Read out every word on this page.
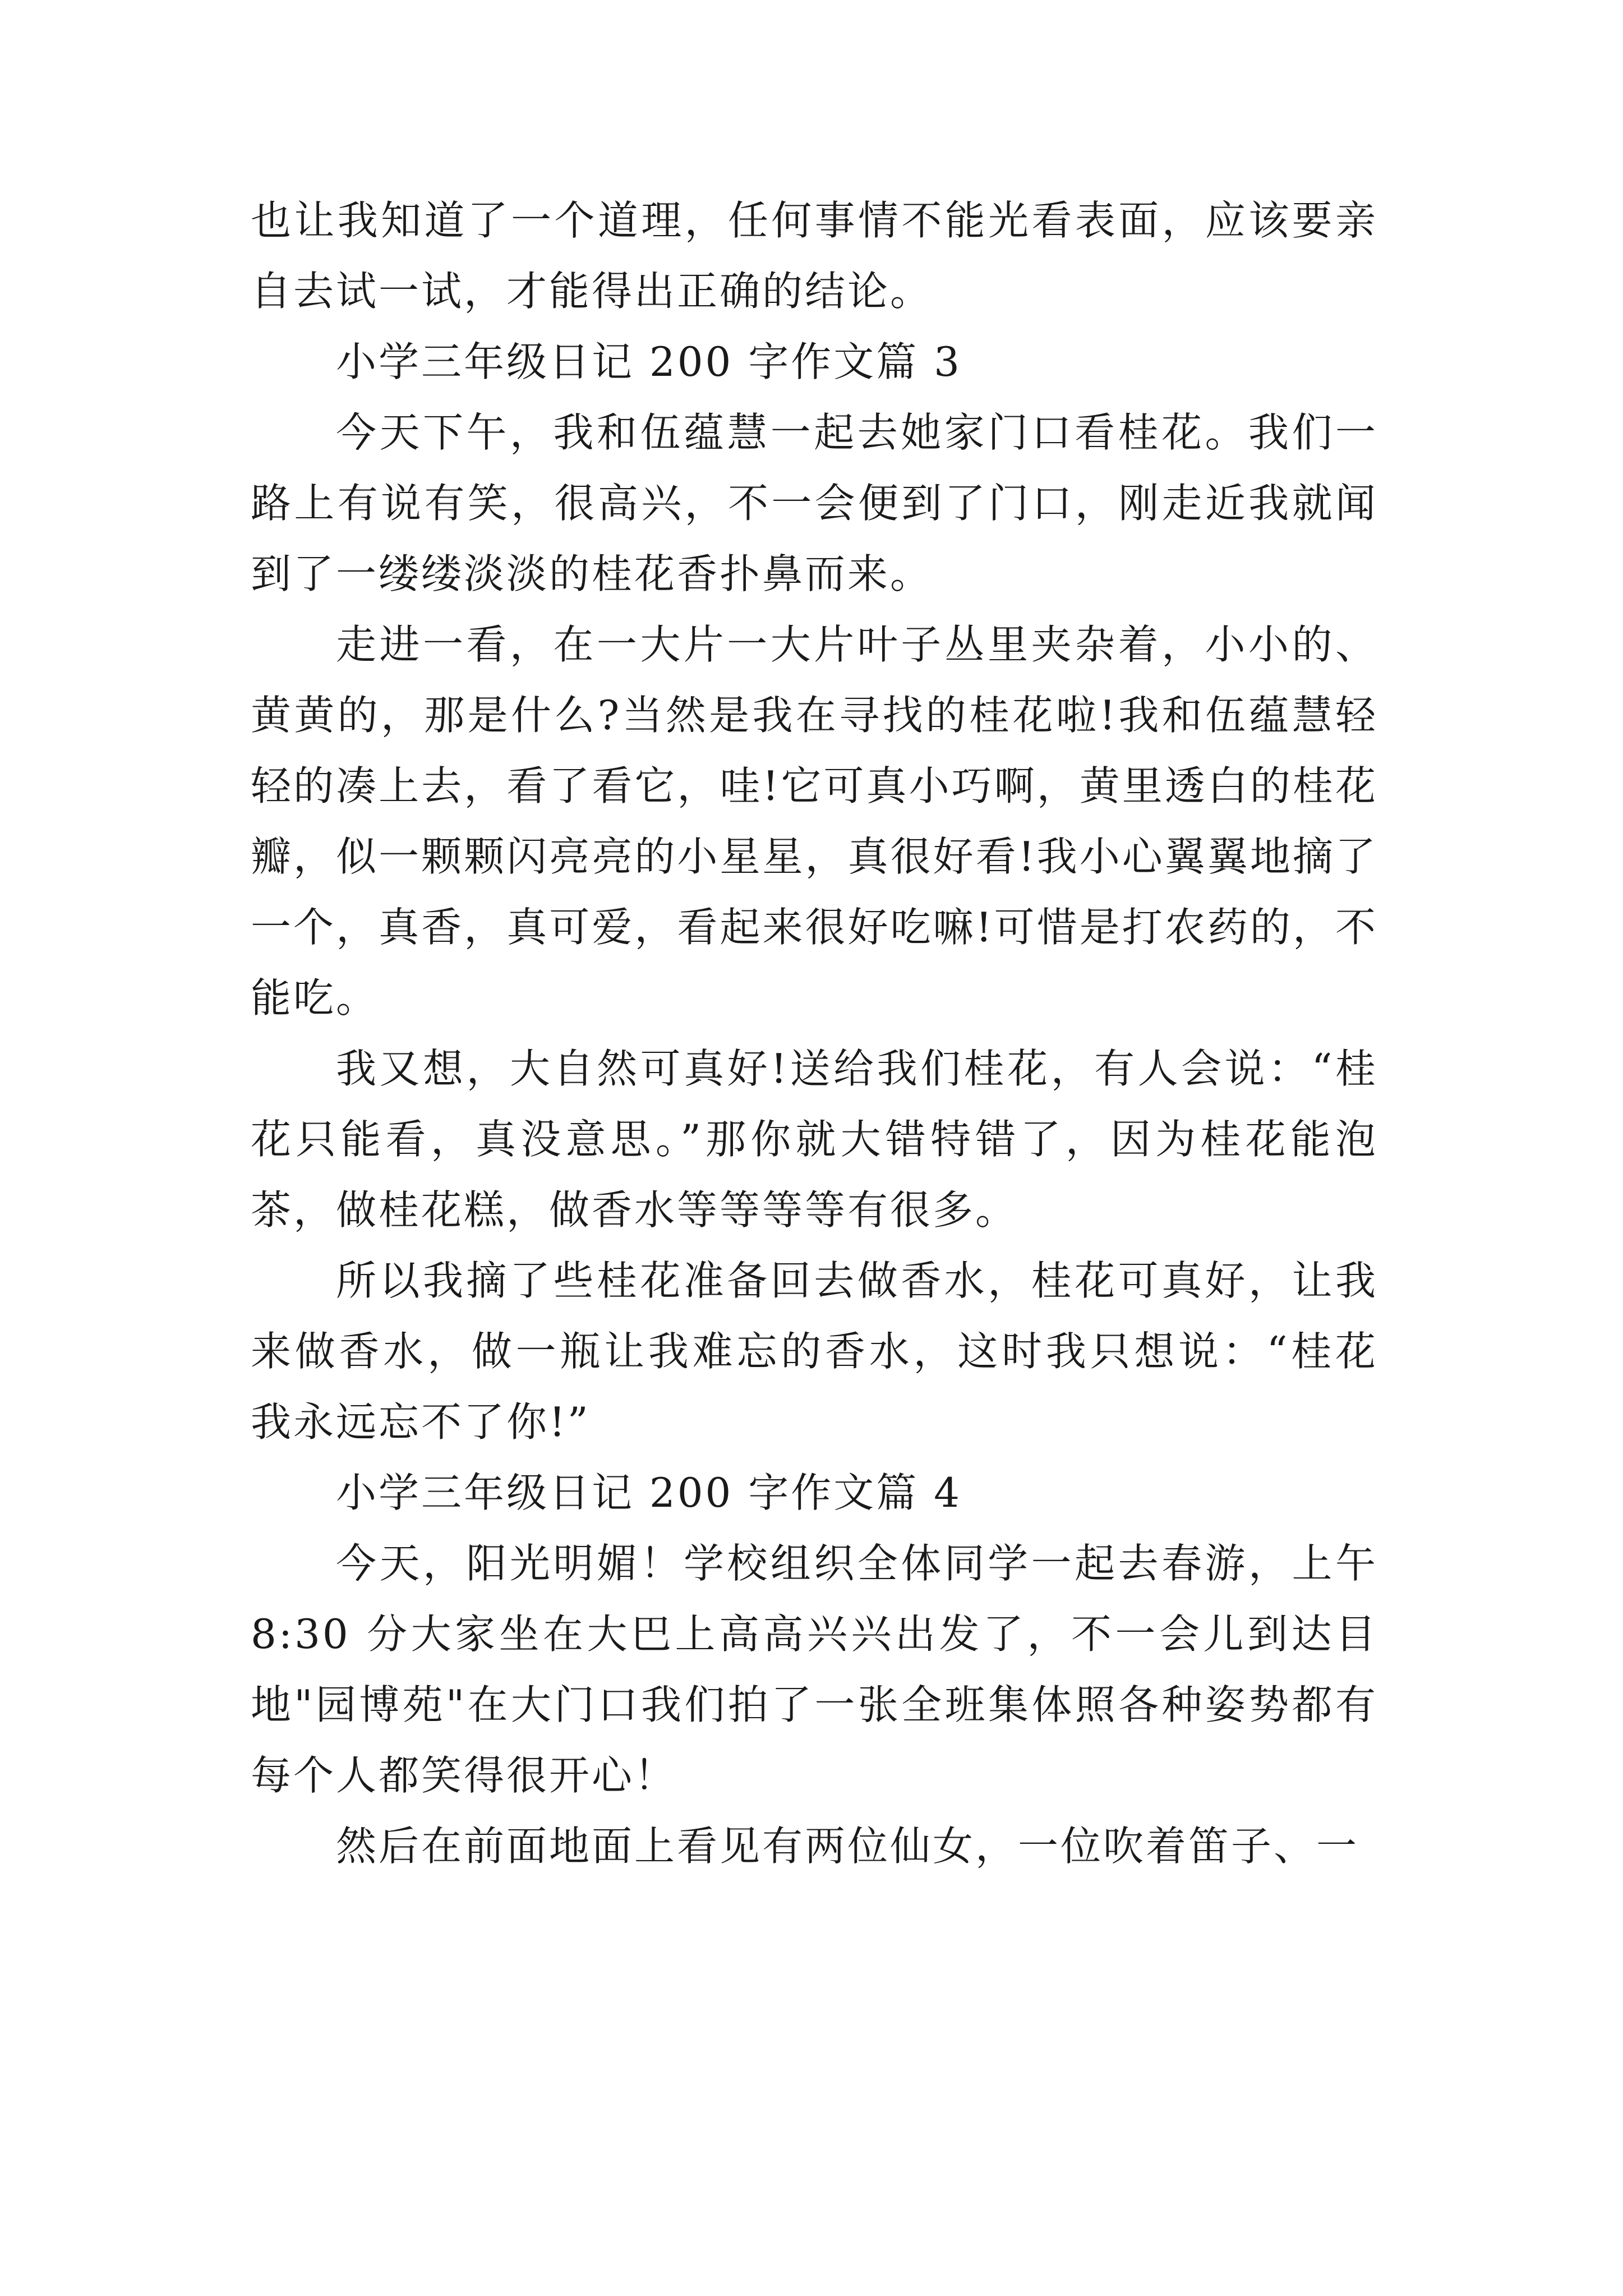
也让我知道了一个道理，任何事情不能光看表面，应该要亲自去试一试，才能得出正确的结论。

小学三年级日记 200 字作文篇 3

今天下午，我和伍蕴慧一起去她家门口看桂花。我们一路上有说有笑，很高兴，不一会便到了门口，刚走近我就闻到了一缕缕淡淡的桂花香扑鼻而来。

走进一看，在一大片一大片叶子丛里夹杂着，小小的、黄黄的，那是什么?当然是我在寻找的桂花啦!我和伍蕴慧轻轻的凑上去，看了看它，哇!它可真小巧啊，黄里透白的桂花瓣，似一颗颗闪亮亮的小星星，真很好看!我小心翼翼地摘了一个，真香，真可爱，看起来很好吃嘛!可惜是打农药的，不能吃。

我又想，大自然可真好!送给我们桂花，有人会说：“桂花只能看，真没意思。”那你就大错特错了，因为桂花能泡茶，做桂花糕，做香水等等等等有很多。

所以我摘了些桂花准备回去做香水，桂花可真好，让我来做香水，做一瓶让我难忘的香水，这时我只想说：“桂花我永远忘不了你!”

小学三年级日记 200 字作文篇 4

今天，阳光明媚！学校组织全体同学一起去春游，上午 8:30 分大家坐在大巴上高高兴兴出发了，不一会儿到达目地"园博苑"在大门口我们拍了一张全班集体照各种姿势都有每个人都笑得很开心！

然后在前面地面上看见有两位仙女，一位吹着笛子、一
